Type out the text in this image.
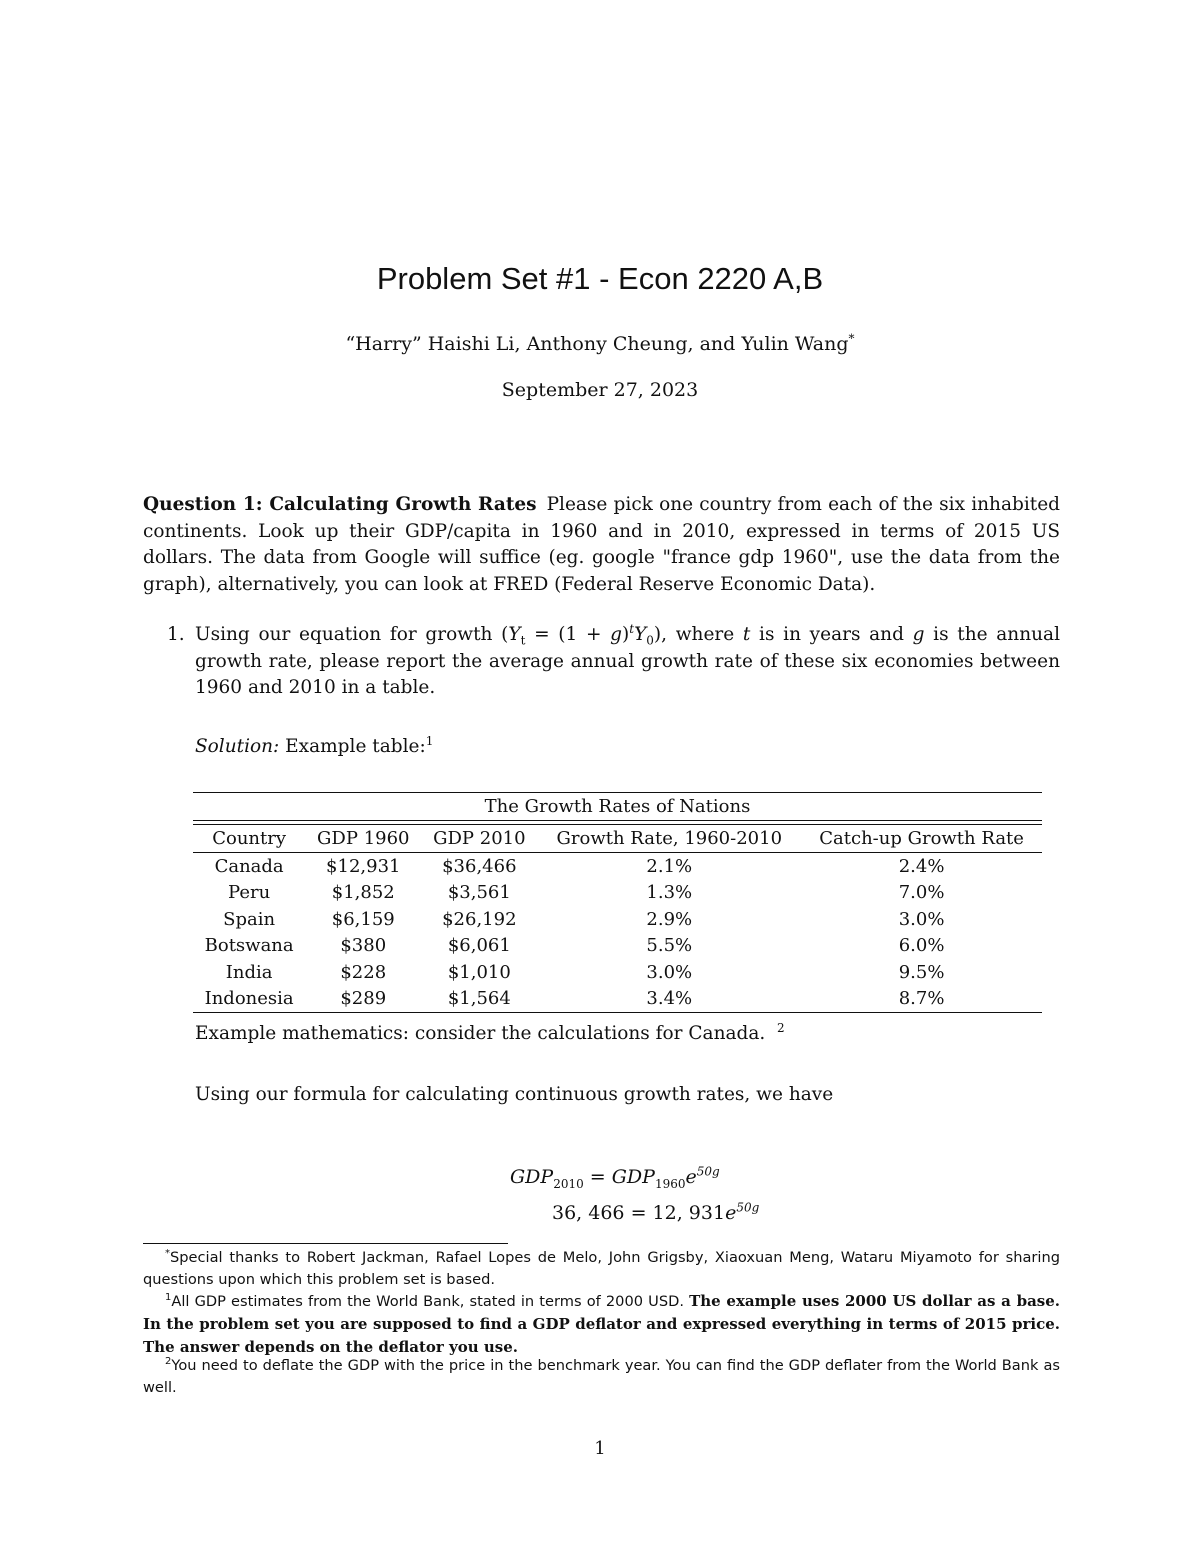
Problem Set #1 - Econ 2220 A,B
“Harry” Haishi Li, Anthony Cheung, and Yulin Wang*
September 27, 2023
Question 1: Calculating Growth Rates Please pick one country from each of the six inhabited continents. Look up their GDP/capita in 1960 and in 2010, expressed in terms of 2015 US dollars. The data from Google will suffice (eg. google "france gdp 1960", use the data from the graph), alternatively, you can look at FRED (Federal Reserve Economic Data).
1. Using our equation for growth $(Y_t = (1 + g)^tY_0)$, where t is in years and g is the annual growth rate, please report the average annual growth rate of these six economies between 1960 and 2010 in a table.
Solution: Example table:$^1$
The Growth Rates of Nations				

Country	GDP 1960	GDP 2010	Growth Rate, 1960-2010	Catch-up Growth Rate
Canada	$12,931	$36,466	2.1%	2.4%
Peru	$1,852	$3,561	1.3%	7.0%
Spain	$6,159	$26,192	2.9%	3.0%
Botswana	$380	$6,061	5.5%	6.0%
India	$228	$1,010	3.0%	9.5%
Indonesia	$289	$1,564	3.4%	8.7%
Example mathematics: consider the calculations for Canada. $^2$
Using our formula for calculating continuous growth rates, we have
$GDP_{2010} = GDP_{1960}e^{50g}$
36, 466 = 12, $931e^{50g}$
*Special thanks to Robert Jackman, Rafael Lopes de Melo, John Grigsby, Xiaoxuan Meng, Wataru Miyamoto for sharing questions upon which this problem set is based.
$^1$All GDP estimates from the World Bank, stated in terms of 2000 USD. The example uses 2000 US dollar as a base. In the problem set you are supposed to find a GDP deflator and expressed everything in terms of 2015 price. The answer depends on the deflator you use.
$^2$You need to deflate the GDP with the price in the benchmark year. You can find the GDP deflater from the World Bank as well.
1
